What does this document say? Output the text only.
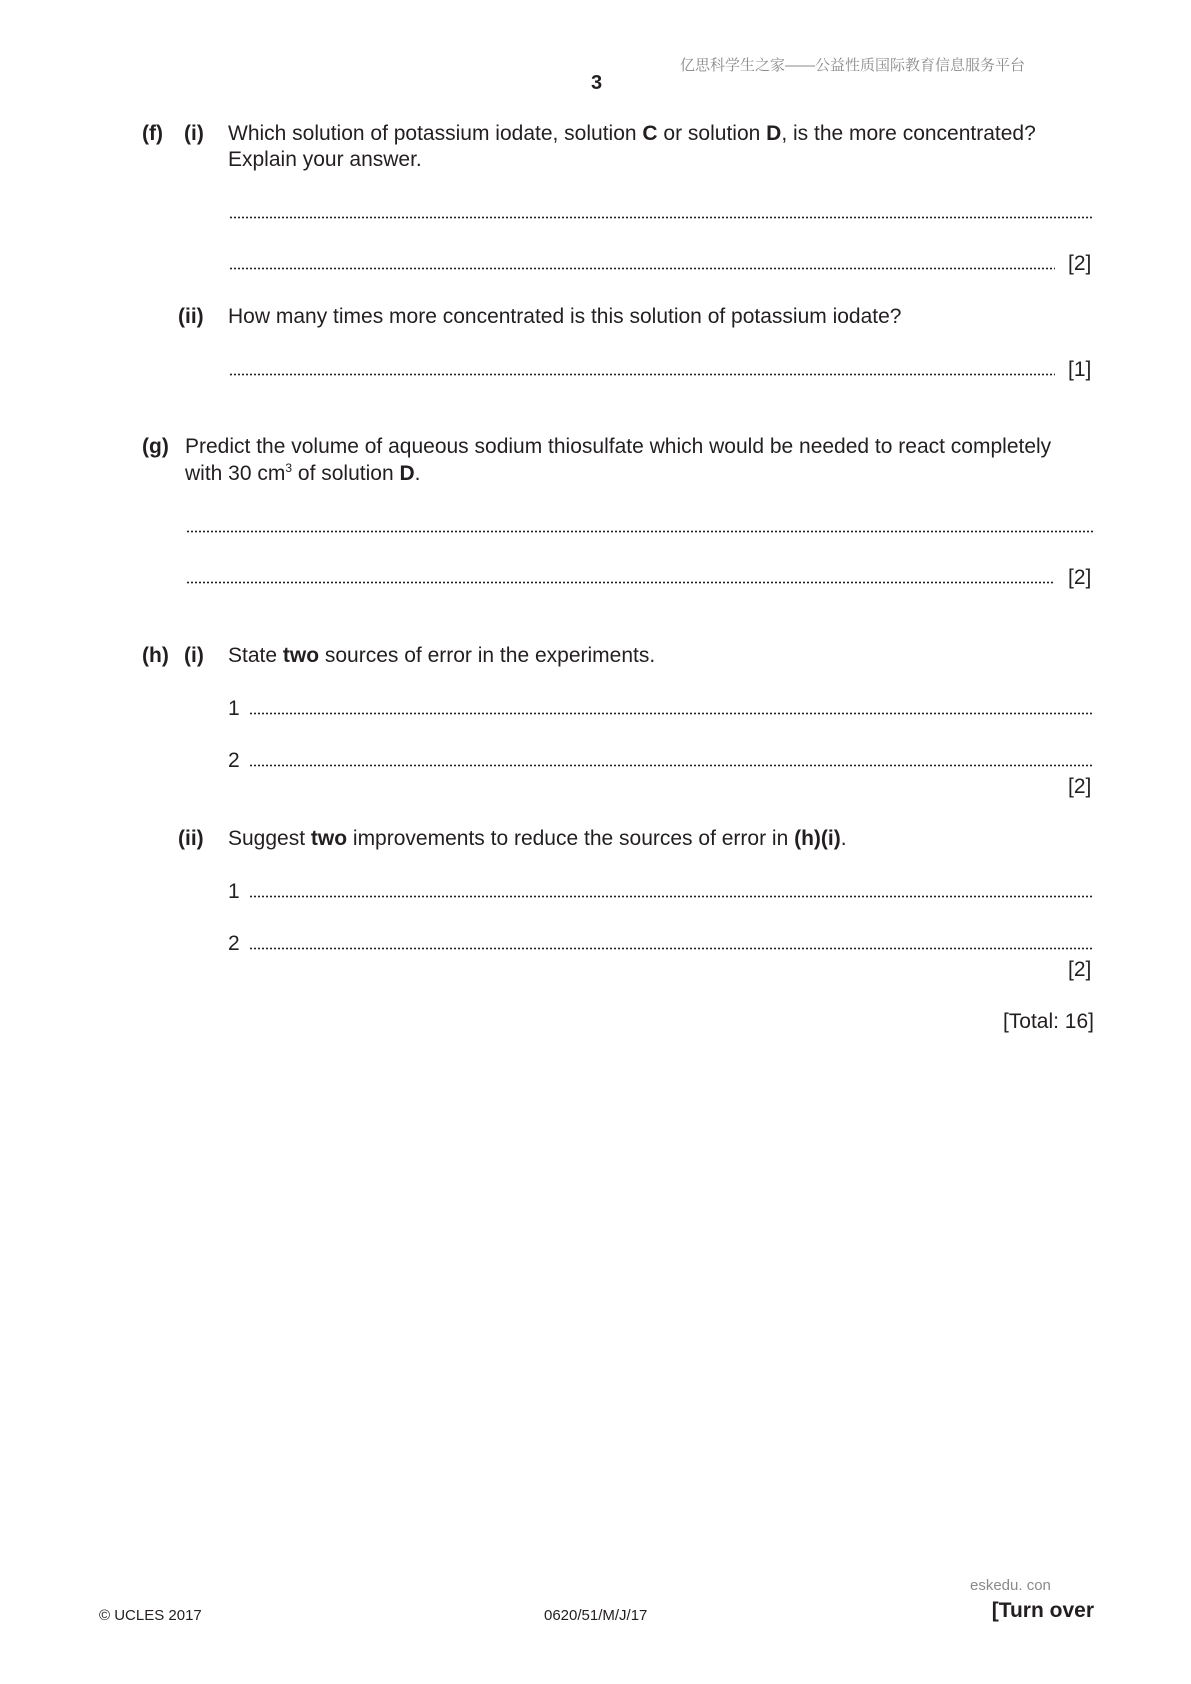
亿思科学生之家——公益性质国际教育信息服务平台
3
(f) (i) Which solution of potassium iodate, solution C or solution D, is the more concentrated?
Explain your answer.
[2]
(ii) How many times more concentrated is this solution of potassium iodate?
[1]
(g) Predict the volume of aqueous sodium thiosulfate which would be needed to react completely
with 30 $cm^3$ of solution D.
[2]
(h) (i) State two sources of error in the experiments.
1
2
[2]
(ii) Suggest two improvements to reduce the sources of error in (h)(i).
1
2
[2]
[Total: 16]
eskedu. con
© UCLES 2017	0620/51/M/J/17	[Turn over
